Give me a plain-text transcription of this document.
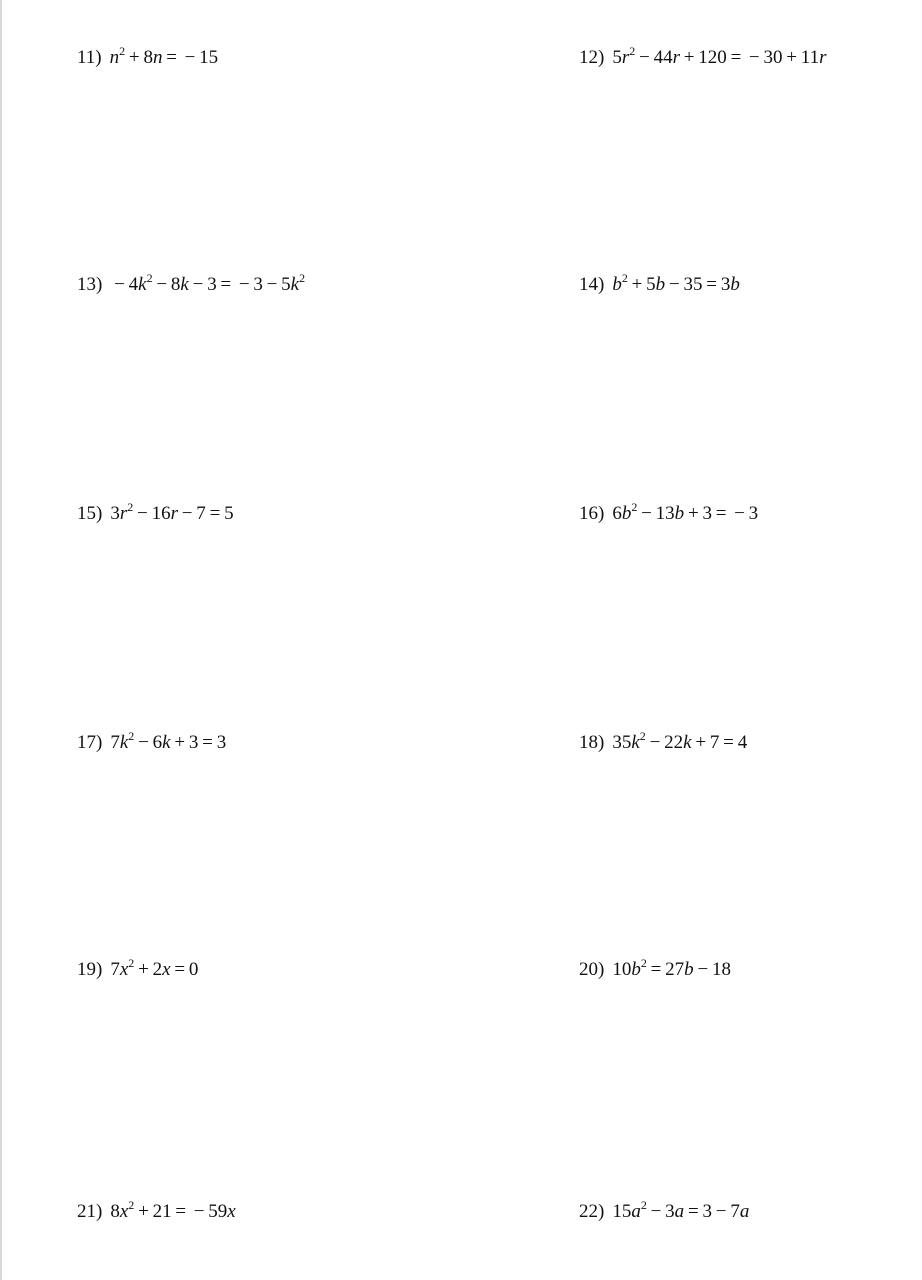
11) $n^2 + 8n$ =  − 15	12) $5r^2 - 44r + 120$ =  − 30 + 11r
$13) - 4k^2 - 8k - 3$ =  − $3 - 5k^2$	14) $b^2 + 5b - 35 = 3b$
15) $3r^2 - 16r - 7 = 5$	16) $6b^2 - 13b + 3$ =  − 3
17) $7k^2 - 6k + 3 = 3$	18) $35k^2 - 22k + 7 = 4$
19) $7x^2 + 2x = 0$	20) $10b^2 = 27b - 18$
21) $8x^2 + 21$ =  − 59x	22) $15a^2 - 3a = 3 - 7a$
